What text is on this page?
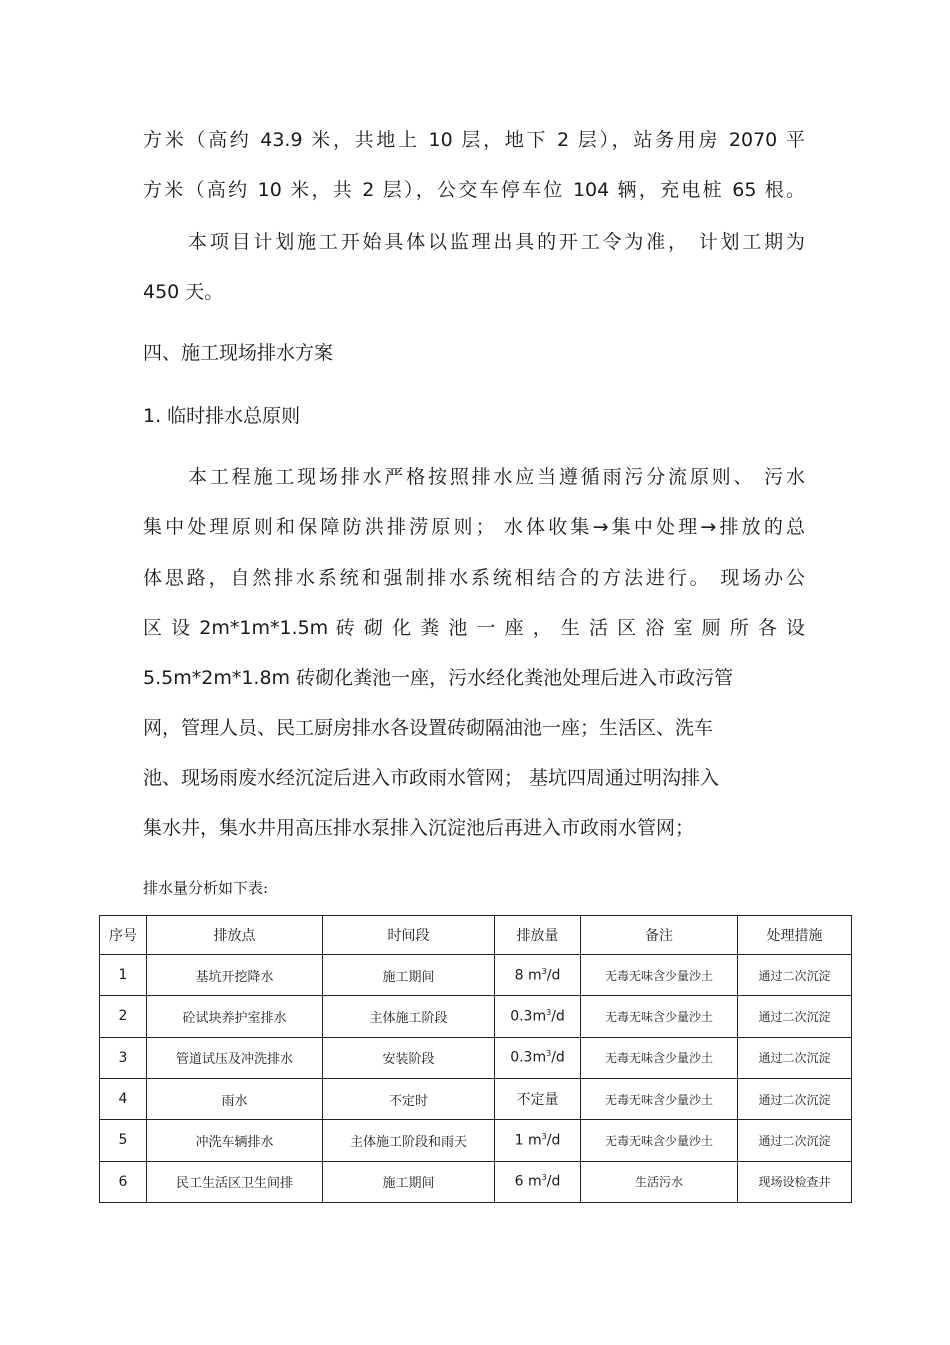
方米（高约 43.9 米，共地上 10 层，地下 2 层），站务用房 2070 平
方米（高约 10 米，共 2 层），公交车停车位 104 辆，充电桩 65 根。
本项目计划施工开始具体以监理出具的开工令为准， 计划工期为
450 天。
四、施工现场排水方案
1. 临时排水总原则
本工程施工现场排水严格按照排水应当遵循雨污分流原则、 污水
集中处理原则和保障防洪排涝原则； 水体收集→集中处理→排放的总
体思路，自然排水系统和强制排水系统相结合的方法进行。 现场办公
区 设 2m*1m*1.5m 砖 砌 化 粪 池 一 座 ， 生 活 区 浴 室 厕 所 各 设
5.5m*2m*1.8m 砖砌化粪池一座，污水经化粪池处理后进入市政污管
网，管理人员、民工厨房排水各设置砖砌隔油池一座；生活区、洗车
池、现场雨废水经沉淀后进入市政雨水管网； 基坑四周通过明沟排入
集水井，集水井用高压排水泵排入沉淀池后再进入市政雨水管网；
排水量分析如下表:
序号	排放点	时间段	排放量	备注	处理措施
1	基坑开挖降水	施工期间	8 $m^3/d$	无毒无味含少量沙土	通过二次沉淀
2	砼试块养护室排水	主体施工阶段	$0.3m^3/d$	无毒无味含少量沙土	通过二次沉淀
3	管道试压及冲洗排水	安装阶段	$0.3m^3/d$	无毒无味含少量沙土	通过二次沉淀
4	雨水	不定时	不定量	无毒无味含少量沙土	通过二次沉淀
5	冲洗车辆排水	主体施工阶段和雨天	1 $m^3/d$	无毒无味含少量沙土	通过二次沉淀
6	民工生活区卫生间排	施工期间	6 $m^3/d$	生活污水	现场设检查井
